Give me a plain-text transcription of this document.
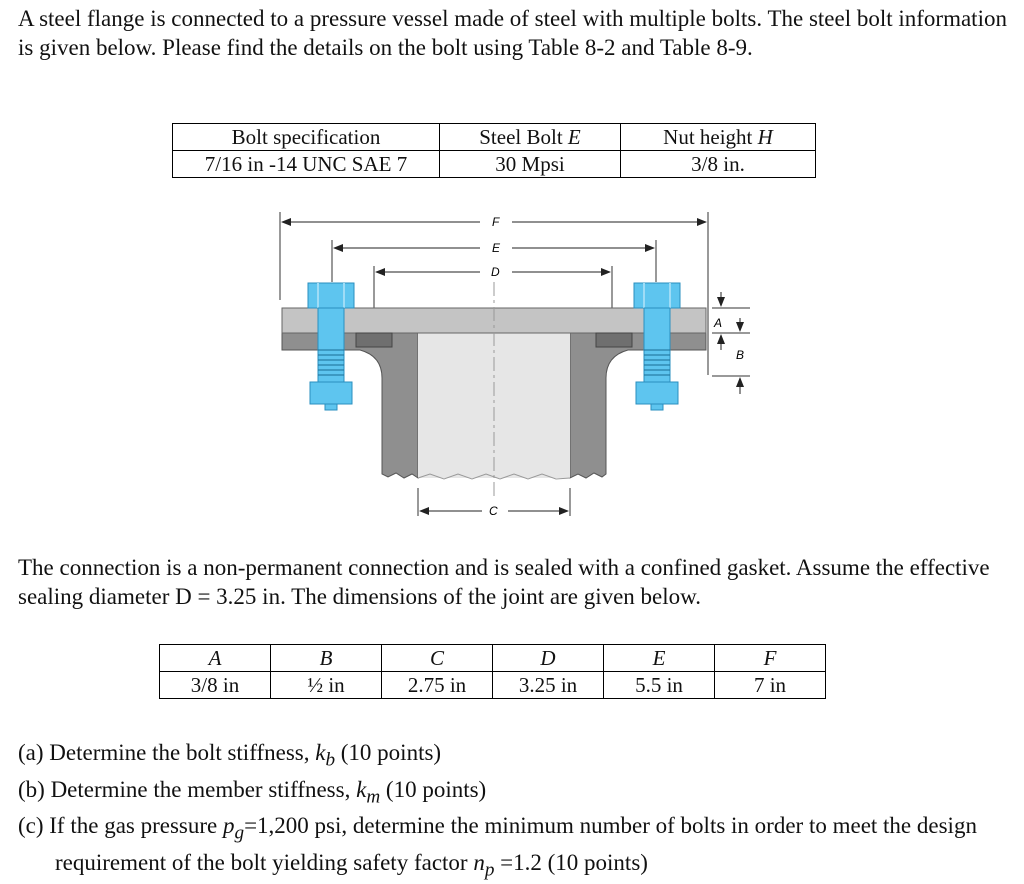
A steel flange is connected to a pressure vessel made of steel with multiple bolts. The steel bolt information is given below. Please find the details on the bolt using Table 8-2 and Table 8-9.

Bolt specification	Steel Bolt E	Nut height H
7/16 in -14 UNC SAE 7	30 Mpsi	3/8 in.
F
E
D
A
B
C

The connection is a non-permanent connection and is sealed with a confined gasket. Assume the effective sealing diameter D = 3.25 in. The dimensions of the joint are given below.

A	B	C	D	E	F
3/8 in	½ in	2.75 in	3.25 in	5.5 in	7 in
(a) Determine the bolt stiffness, $k_b$ (10 points)
(b) Determine the member stiffness, $k_m$ (10 points)
(c) If the gas pressure $p_g=1,200$ psi, determine the minimum number of bolts in order to meet the design requirement of the bolt yielding safety factor $n_p =1.2$ (10 points)
